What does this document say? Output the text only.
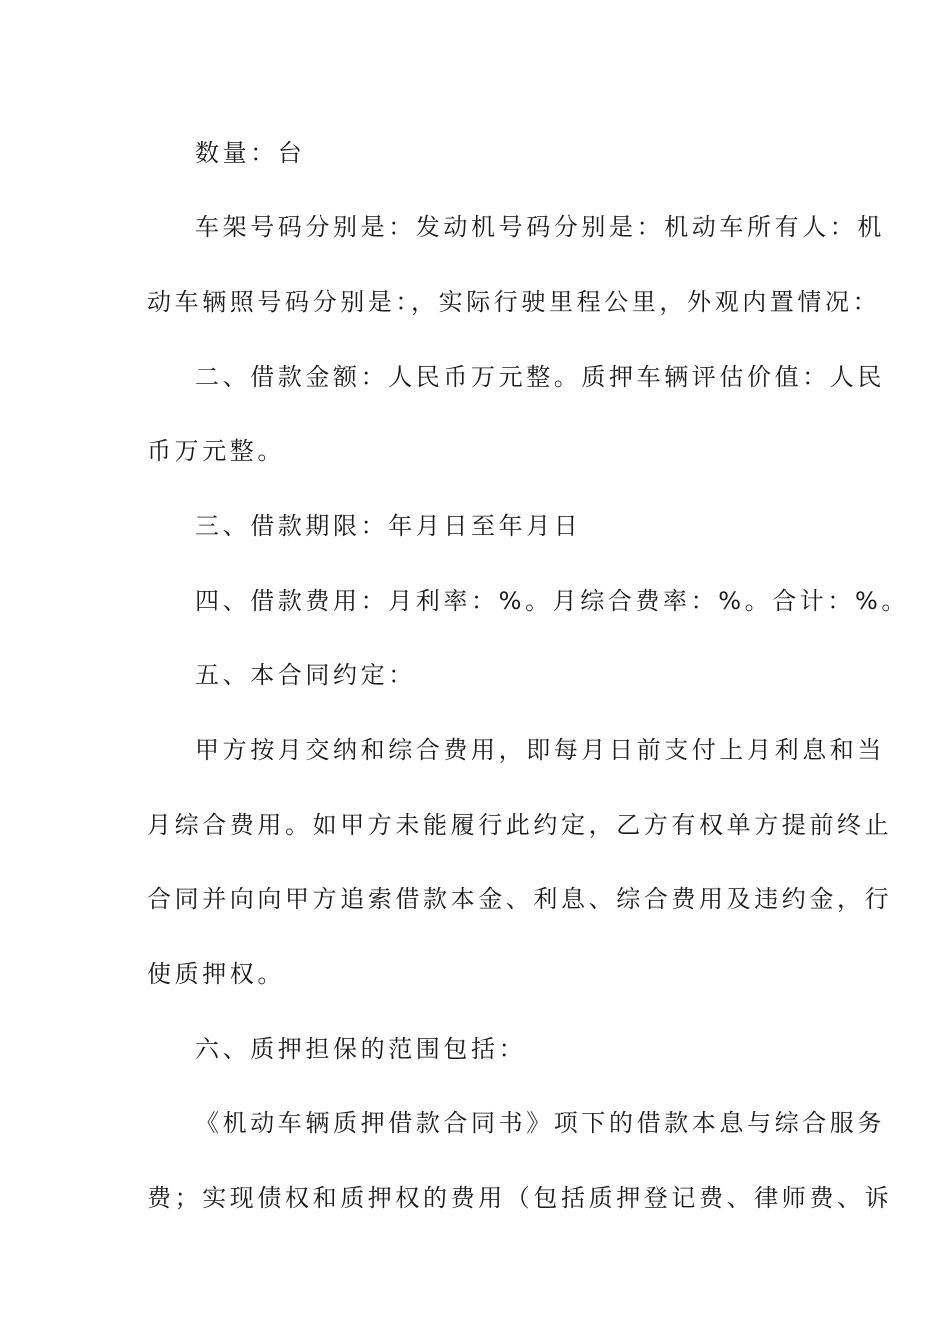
数量：台
车架号码分别是：发动机号码分别是：机动车所有人：机
动车辆照号码分别是：，实际行驶里程公里，外观内置情况：
二、借款金额：人民币万元整。质押车辆评估价值：人民
币万元整。
三、借款期限：年月日至年月日
四、借款费用：月利率：%。月综合费率：%。合计：%。
五、本合同约定：
甲方按月交纳和综合费用，即每月日前支付上月利息和当
月综合费用。如甲方未能履行此约定，乙方有权单方提前终止
合同并向向甲方追索借款本金、利息、综合费用及违约金，行
使质押权。
六、质押担保的范围包括：
《机动车辆质押借款合同书》项下的借款本息与综合服务
费；实现债权和质押权的费用（包括质押登记费、律师费、诉
